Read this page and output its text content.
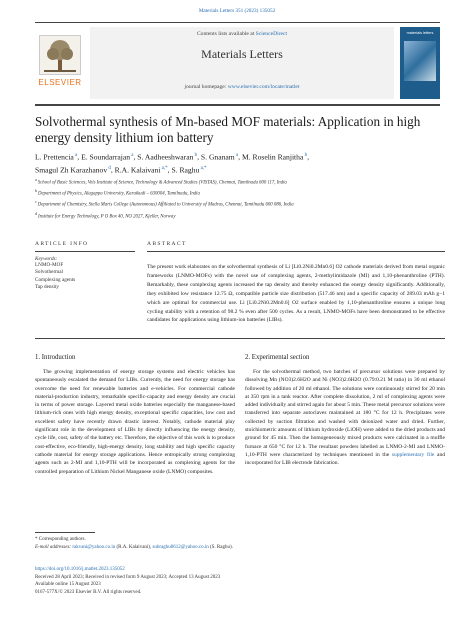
Materials Letters 351 (2023) 135052
ELSEVIER
Contents lists available at ScienceDirect
Materials Letters
journal homepage: www.elsevier.com/locate/matlet
materials letters
Solvothermal synthesis of Mn-based MOF materials: Application in high energy density lithium ion battery
L. Prettencia $^a$, E. Soundarrajan $^a$, S. Aadheeshwaran $^b$, S. Gnanam $^a$, M. Roselin Ranjitha $^b$,
Smagul Zh Karazhanov $^d$, R.A. Kalaivani $^{a,*}$, S. Raghu $^{a,*}$
$^a$School of Basic Sciences, Vels Institute of Science, Technology & Advanced Studies (VISTAS), Chennai, Tamilnadu 600 117, India
$^b$Department of Physics, Alagappa University, Karaikudi – 630004, Tamilnadu, India
$^c$Department of Chemistry, Stella Maris College (Autonomous) Affiliated to University of Madras, Chennai, Tamilnadu 600 086, India
$^d$Institute for Energy Technology, P O Box 40, NO 2027, Kjeller, Norway
ARTICLE INFO	ABSTRACT
Keywords:
LNMO-MOF
Solvothermal
Complexing agents
Tap density
The present work elaborates on the solvothermal synthesis of Li [Li0.2Ni0.2Mn0.6] O2 cathode materials derived from metal organic frameworks (LNMO-MOFs) with the novel use of complexing agents, 2-methylimidazole (MI) and 1,10-phenanthroline (PTH). Remarkably, these complexing agents increased the tap density and thereby enhanced the energy density significantly. Additionally, they exhibited low resistance 12.75 Ω, compatible particle size distribution (517.46 nm) and a specific capacity of 289.03 mAh g−1 which are optimal for commercial use. Li [Li0.2Ni0.2Mn0.6] O2 surface enabled by 1,10-phenanthroline ensures a unique long cycling stability with a retention of 98.2 % even after 500 cycles. As a result, LNMO-MOFs have been demonstrated to be effective candidates for applications using lithium-ion batteries (LIBs).
1. Introduction
The growing implementation of energy storage systems and electric vehicles has spontaneously escalated the demand for LIBs. Currently, the need for energy storage has overcome the need for renewable batteries and e-vehicles. For commercial cathode material-production industry, remarkable specific-capacity and energy density are crucial in terms of power storage. Layered metal oxide batteries especially the manganese-based lithium-rich ones with high energy density, exceptional specific capacities, low cost and excellent safety have recently drawn drastic interest. Notably, cathode material play significant role in the development of LIBs by directly influencing the energy density, cycle life, cost, safety of the battery etc. Therefore, the objective of this work is to produce cost-effective, eco-friendly, high-energy density, long stability and high specific capacity cathode material for energy storage applications. Hence entropically strong complexing agents such as 2-MI and 1,10-PTH will be incorporated as complexing agents for the controlled preparation of Lithium Nickel Manganese oxide (LNMO) composites.
2. Experimental section
For the solvothermal method, two batches of precursor solutions were prepared by dissolving Mn (NO3)2.6H2O and Ni (NO3)2.6H2O (0.79:0.21 M ratio) in 30 ml ethanol followed by addition of 20 ml ethanol. The solutions were continuously stirred for 20 min at 350 rpm in a tank reactor. After complete dissolution, 2 ml of complexing agents were added individually and stirred again for about 5 min. These metal precursor solutions were transferred into separate autoclaves maintained at 180 °C for 12 h. Precipitates were collected by suction filtration and washed with deionized water and dried. Further, stoichiometric amounts of lithium hydroxide (LiOH) were added to the dried products and ground for 45 min. Then the homogeneously mixed products were calcinated in a muffle furnace at 650 °C for 12 h. The resultant powders labelled as LNMO-2-MI and LNMO-1,10-PTH were characterized by techniques mentioned in the supplementary file and incorporated for LIB electrode fabrication.
* Corresponding authors.
E-mail addresses: rakvani@yahoo.co.in (R.A. Kalaivani), subraghu0612@yahoo.co.in (S. Raghu).
https://doi.org/10.1016/j.matlet.2023.135052
Received 28 April 2023; Received in revised form 9 August 2023; Accepted 13 August 2023
Available online 15 August 2023
0167-577X/© 2023 Elsevier B.V. All rights reserved.
